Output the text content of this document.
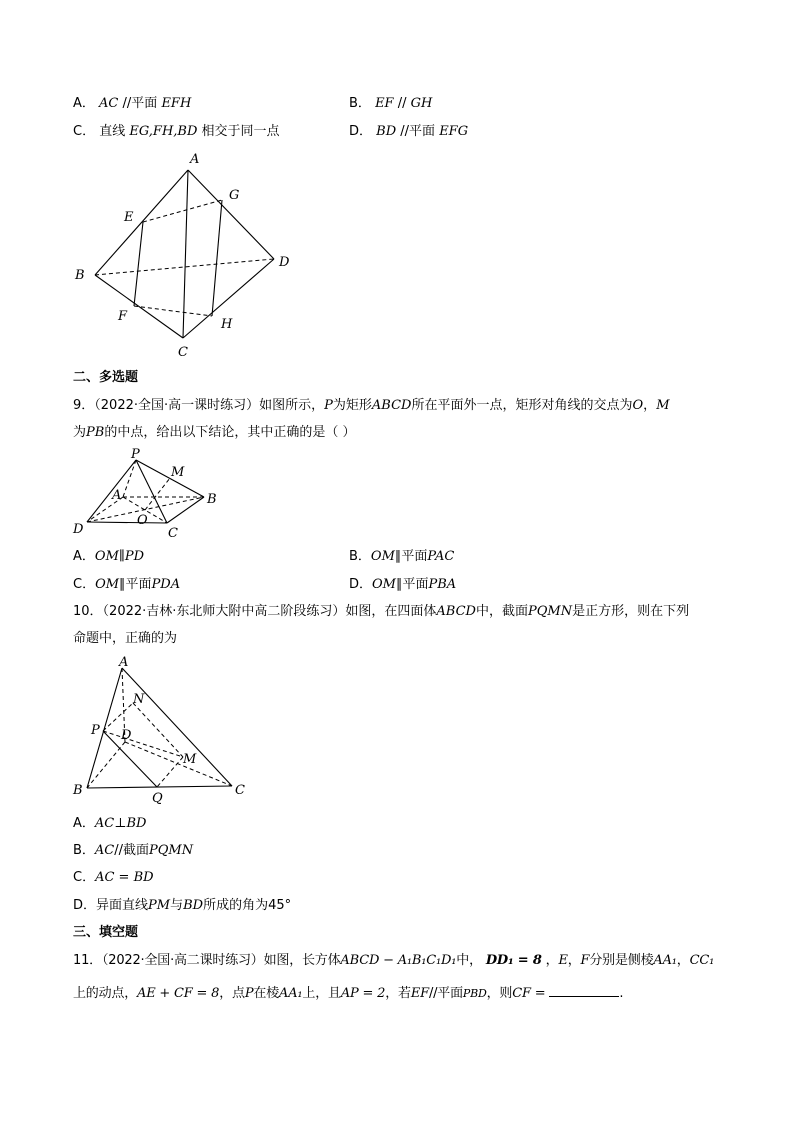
A． AC //平面 EFH	B． EF // GH
C． 直线 EG,FH,BD 相交于同一点	D． BD //平面 EFG
A
G
E
B
D
F
H
C
二、多选题
9．（2022·全国·高一课时练习）如图所示，P为矩形ABCD所在平面外一点，矩形对角线的交点为O，M
为PB的中点，给出以下结论，其中正确的是（ ）
P
M
A	B
O
D	C
A．OM∥PD	B．OM∥平面PAC
C．OM∥平面PDA	D．OM∥平面PBA
10．（2022·吉林·东北师大附中高二阶段练习）如图，在四面体ABCD中，截面PQMN是正方形，则在下列
命题中，正确的为
A
N
P D
M
B
Q
C
A．AC⊥BD
B．AC//截面PQMN
C．AC = BD
D．异面直线PM与BD所成的角为45°
三、填空题
11．（2022·全国·高二课时练习）如图，长方体ABCD − A₁B₁C₁D₁中， DD₁ = 8 ，E，F分别是侧棱AA₁，CC₁
上的动点，AE + CF = 8，点P在棱AA₁上，且AP = 2，若EF//平面PBD，则CF =	.
